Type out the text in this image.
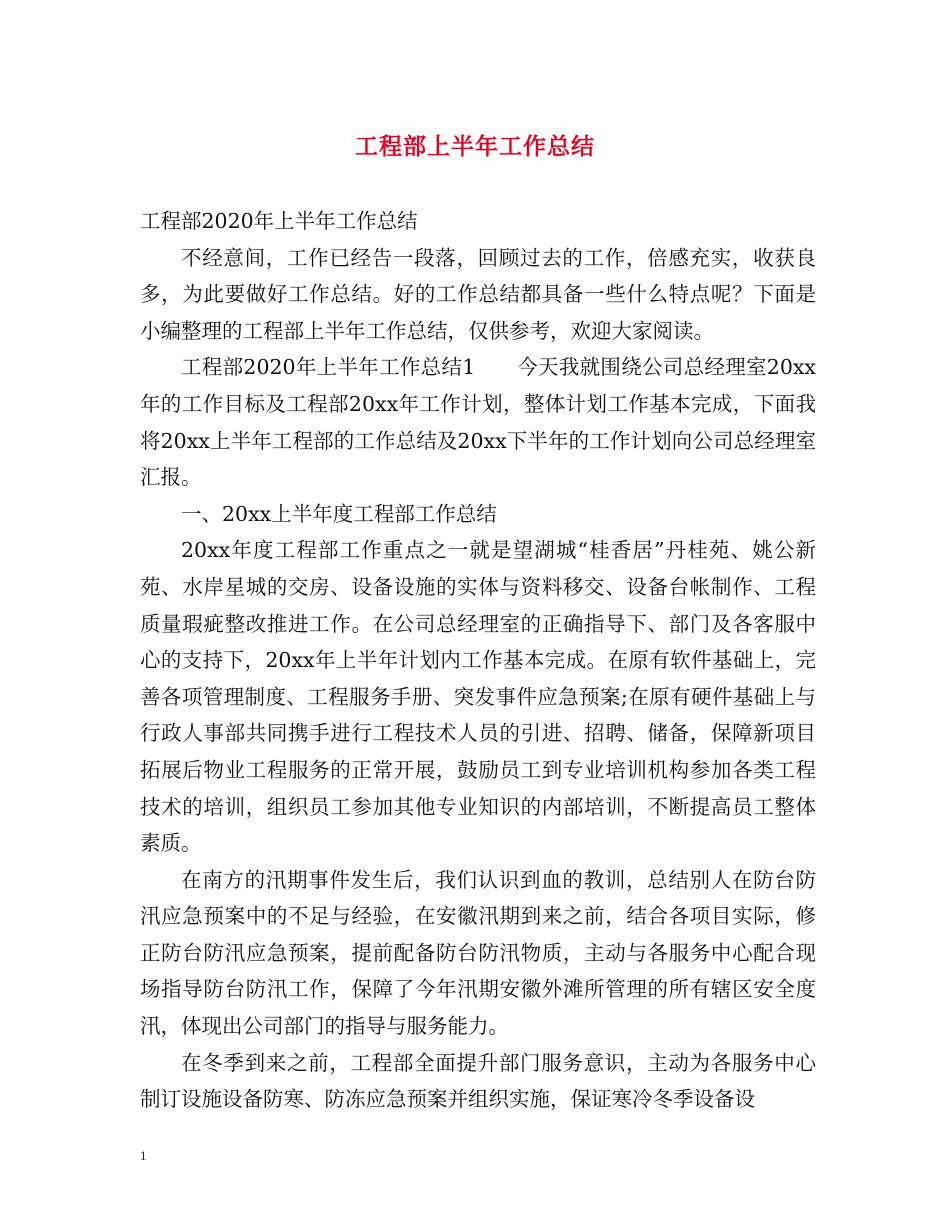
工程部上半年工作总结

工程部2020年上半年工作总结

不经意间，工作已经告一段落，回顾过去的工作，倍感充实，收获良多，为此要做好工作总结。好的工作总结都具备一些什么特点呢？下面是小编整理的工程部上半年工作总结，仅供参考，欢迎大家阅读。

工程部2020年上半年工作总结1　　今天我就围绕公司总经理室20xx年的工作目标及工程部20xx年工作计划，整体计划工作基本完成，下面我将20xx上半年工程部的工作总结及20xx下半年的工作计划向公司总经理室汇报。

一、20xx上半年度工程部工作总结

20xx年度工程部工作重点之一就是望湖城“桂香居”丹桂苑、姚公新苑、水岸星城的交房、设备设施的实体与资料移交、设备台帐制作、工程质量瑕疵整改推进工作。在公司总经理室的正确指导下、部门及各客服中心的支持下，20xx年上半年计划内工作基本完成。在原有软件基础上，完善各项管理制度、工程服务手册、突发事件应急预案;在原有硬件基础上与行政人事部共同携手进行工程技术人员的引进、招聘、储备，保障新项目拓展后物业工程服务的正常开展，鼓励员工到专业培训机构参加各类工程技术的培训，组织员工参加其他专业知识的内部培训，不断提高员工整体素质。

在南方的汛期事件发生后，我们认识到血的教训，总结别人在防台防汛应急预案中的不足与经验，在安徽汛期到来之前，结合各项目实际，修正防台防汛应急预案，提前配备防台防汛物质，主动与各服务中心配合现场指导防台防汛工作，保障了今年汛期安徽外滩所管理的所有辖区安全度汛，体现出公司部门的指导与服务能力。

在冬季到来之前，工程部全面提升部门服务意识，主动为各服务中心制订设施设备防寒、防冻应急预案并组织实施，保证寒冷冬季设备设

1
